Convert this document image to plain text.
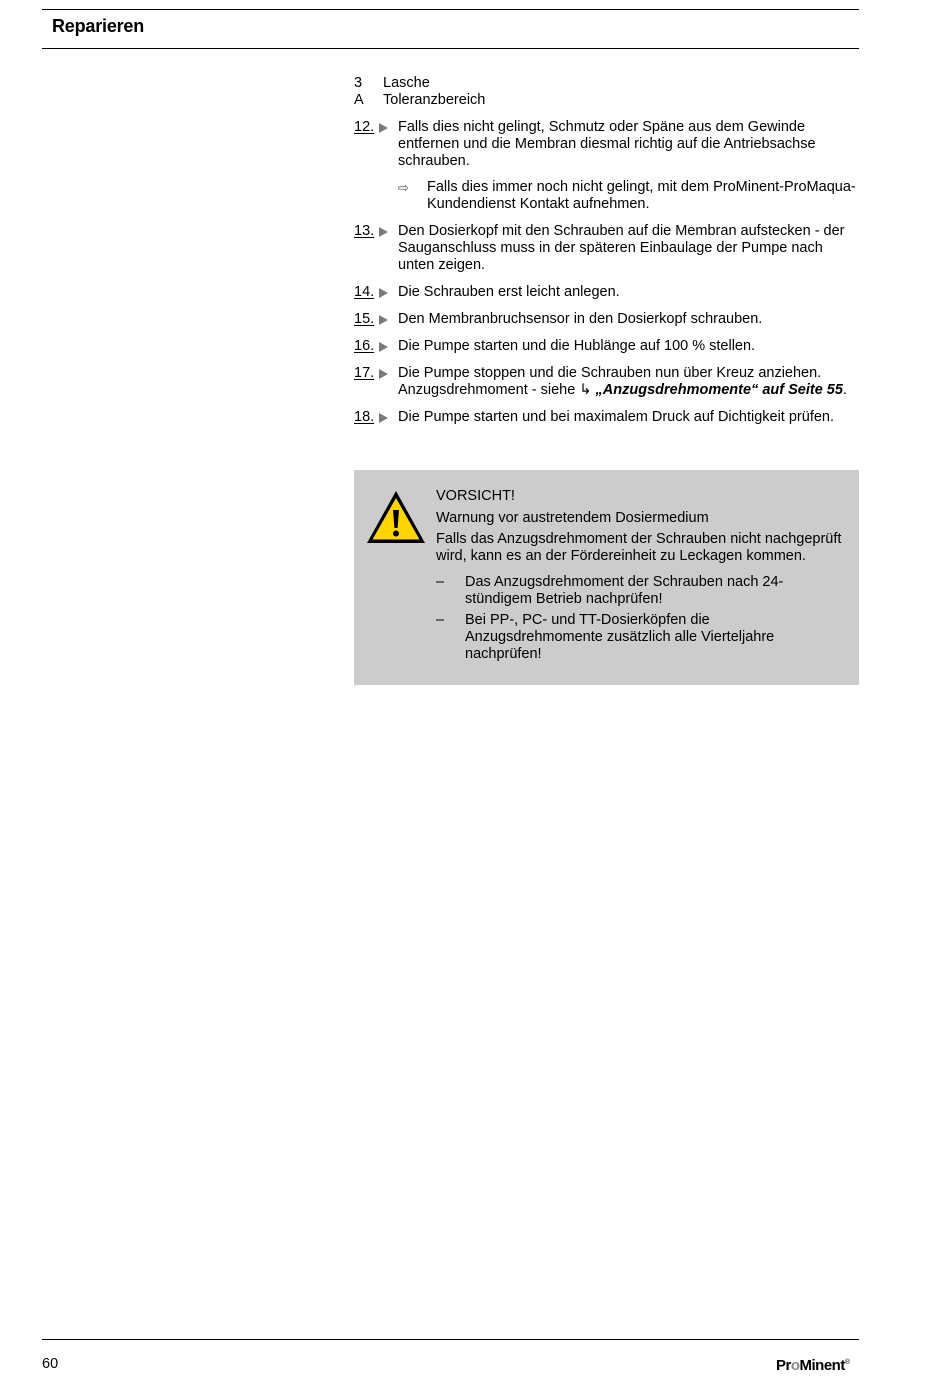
Reparieren
3	Lasche
A	Toleranzbereich
12.	Falls dies nicht gelingt, Schmutz oder Späne aus dem Gewinde entfernen und die Membran diesmal richtig auf die Antriebsachse schrauben.
⇨	Falls dies immer noch nicht gelingt, mit dem ProMinent-ProMaqua-Kundendienst Kontakt aufnehmen.
13.	Den Dosierkopf mit den Schrauben auf die Membran aufstecken - der Sauganschluss muss in der späteren Einbaulage der Pumpe nach unten zeigen.
14.	Die Schrauben erst leicht anlegen.
15.	Den Membranbruchsensor in den Dosierkopf schrauben.
16.	Die Pumpe starten und die Hublänge auf 100 % stellen.
17.	Die Pumpe stoppen und die Schrauben nun über Kreuz anziehen. Anzugsdrehmoment - siehe ↳ „Anzugsdrehmomente“ auf Seite 55.
18.	Die Pumpe starten und bei maximalem Druck auf Dichtigkeit prüfen.
VORSICHT!
Warnung vor austretendem Dosiermedium
Falls das Anzugsdrehmoment der Schrauben nicht nachgeprüft wird, kann es an der Fördereinheit zu Leckagen kommen.
–	Das Anzugsdrehmoment der Schrauben nach 24-stündigem Betrieb nachprüfen!
–	Bei PP-, PC- und TT-Dosierköpfen die Anzugsdrehmomente zusätzlich alle Vierteljahre nachprüfen!
60	ProMinent®
